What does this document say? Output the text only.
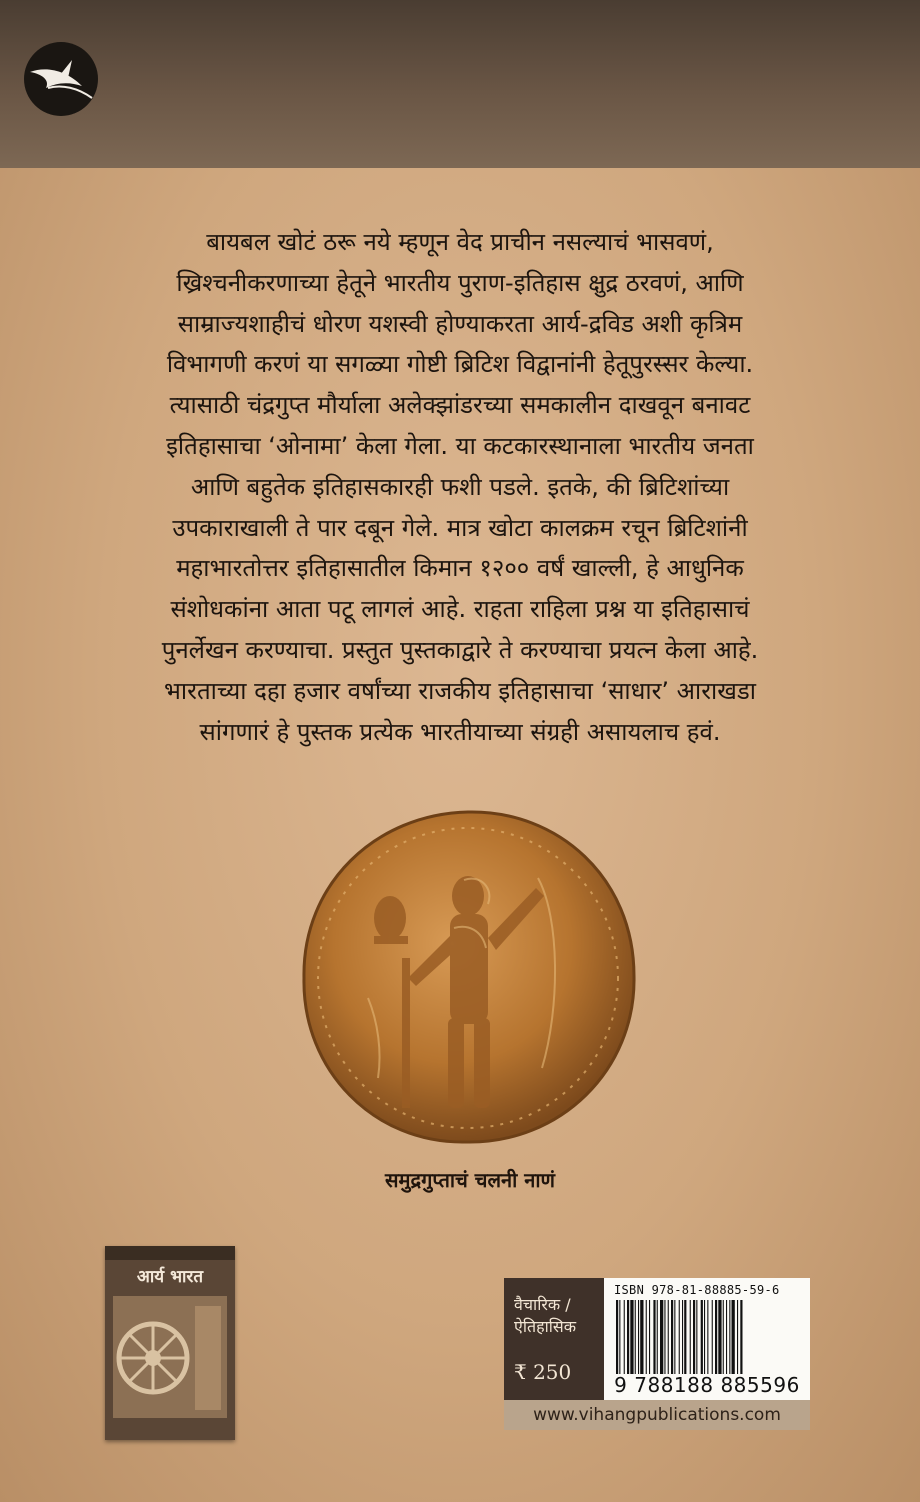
बायबल खोटं ठरू नये म्हणून वेद प्राचीन नसल्याचं भासवणं,
ख्रिश्चनीकरणाच्या हेतूने भारतीय पुराण-इतिहास क्षुद्र ठरवणं, आणि
साम्राज्यशाहीचं धोरण यशस्वी होण्याकरता आर्य-द्रविड अशी कृत्रिम
विभागणी करणं या सगळ्या गोष्टी ब्रिटिश विद्वानांनी हेतूपुरस्सर केल्या.
त्यासाठी चंद्रगुप्त मौर्याला अलेक्झांडरच्या समकालीन दाखवून बनावट
इतिहासाचा ‘ओनामा’ केला गेला. या कटकारस्थानाला भारतीय जनता
आणि बहुतेक इतिहासकारही फशी पडले. इतके, की ब्रिटिशांच्या
उपकाराखाली ते पार दबून गेले. मात्र खोटा कालक्रम रचून ब्रिटिशांनी
महाभारतोत्तर इतिहासातील किमान १२०० वर्षं खाल्ली, हे आधुनिक
संशोधकांना आता पटू लागलं आहे. राहता राहिला प्रश्न या इतिहासाचं
पुनर्लेखन करण्याचा. प्रस्तुत पुस्तकाद्वारे ते करण्याचा प्रयत्न केला आहे.
भारताच्या दहा हजार वर्षांच्या राजकीय इतिहासाचा ‘साधार’ आराखडा
सांगणारं हे पुस्तक प्रत्येक भारतीयाच्या संग्रही असायलाच हवं.
समुद्रगुप्ताचं चलनी नाणं
आर्य भारत
वैचारिक /
ऐतिहासिक
₹ 250
ISBN 978-81-88885-59-6
9 788188 885596
www.vihangpublications.com
